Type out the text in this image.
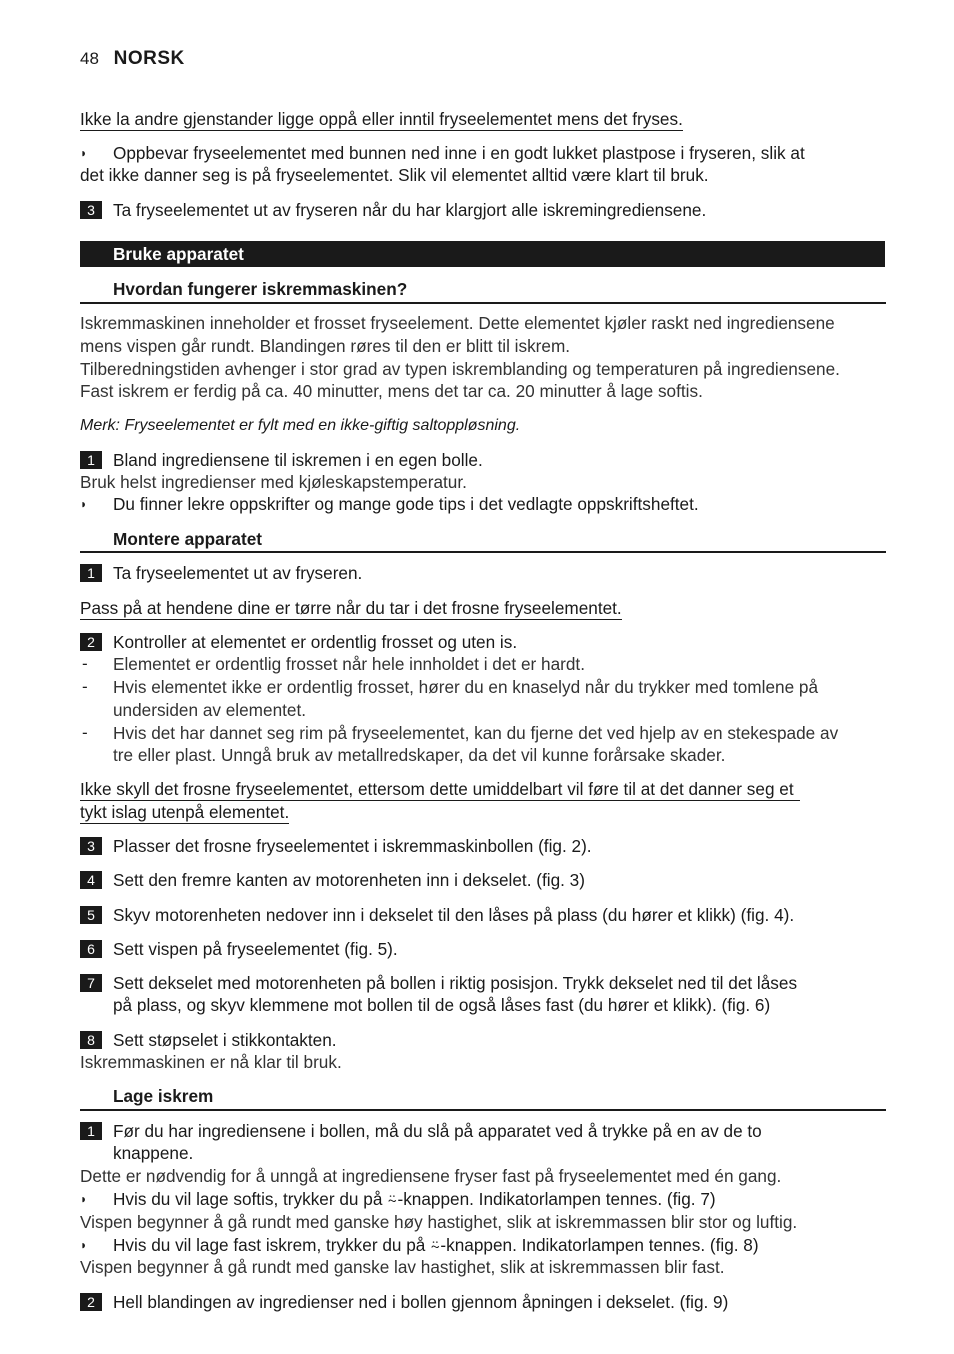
48 NORSK
Ikke la andre gjenstander ligge oppå eller inntil fryseelementet mens det fryses.
◗ Oppbevar fryseelementet med bunnen ned inne i en godt lukket plastpose i fryseren, slik at
det ikke danner seg is på fryseelementet. Slik vil elementet alltid være klart til bruk.
3	Ta fryseelementet ut av fryseren når du har klargjort alle iskremingrediensene.
Bruke apparatet
Hvordan fungerer iskremmaskinen?
Iskremmaskinen inneholder et frosset fryseelement. Dette elementet kjøler raskt ned ingrediensene
mens vispen går rundt. Blandingen røres til den er blitt til iskrem.
Tilberedningstiden avhenger i stor grad av typen iskremblanding og temperaturen på ingrediensene.
Fast iskrem er ferdig på ca. 40 minutter, mens det tar ca. 20 minutter å lage softis.
Merk: Fryseelementet er fylt med en ikke-giftig saltoppløsning.
1	Bland ingrediensene til iskremen i en egen bolle.
Bruk helst ingredienser med kjøleskapstemperatur.
◗ Du finner lekre oppskrifter og mange gode tips i det vedlagte oppskriftsheftet.
Montere apparatet
1	Ta fryseelementet ut av fryseren.
Pass på at hendene dine er tørre når du tar i det frosne fryseelementet.
2	Kontroller at elementet er ordentlig frosset og uten is.
- Elementet er ordentlig frosset når hele innholdet i det er hardt.
- Hvis elementet ikke er ordentlig frosset, hører du en knaselyd når du trykker med tomlene på
undersiden av elementet.
- Hvis det har dannet seg rim på fryseelementet, kan du fjerne det ved hjelp av en stekespade av
tre eller plast. Unngå bruk av metallredskaper, da det vil kunne forårsake skader.
Ikke skyll det frosne fryseelementet, ettersom dette umiddelbart vil føre til at det danner seg et
tykt islag utenpå elementet.
3	Plasser det frosne fryseelementet i iskremmaskinbollen (fig. 2).
4	Sett den fremre kanten av motorenheten inn i dekselet. (fig. 3)
5	Skyv motorenheten nedover inn i dekselet til den låses på plass (du hører et klikk) (fig. 4).
6	Sett vispen på fryseelementet (fig. 5).
7	Sett dekselet med motorenheten på bollen i riktig posisjon. Trykk dekselet ned til det låses
på plass, og skyv klemmene mot bollen til de også låses fast (du hører et klikk). (fig. 6)
8	Sett støpselet i stikkontakten.
Iskremmaskinen er nå klar til bruk.
Lage iskrem
1	Før du har ingrediensene i bollen, må du slå på apparatet ved å trykke på en av de to
knappene.
Dette er nødvendig for å unngå at ingrediensene fryser fast på fryseelementet med én gang.
◗ Hvis du vil lage softis, trykker du på ⍨-knappen. Indikatorlampen tennes. (fig. 7)
Vispen begynner å gå rundt med ganske høy hastighet, slik at iskremmassen blir stor og luftig.
◗ Hvis du vil lage fast iskrem, trykker du på ⍨-knappen. Indikatorlampen tennes. (fig. 8)
Vispen begynner å gå rundt med ganske lav hastighet, slik at iskremmassen blir fast.
2	Hell blandingen av ingredienser ned i bollen gjennom åpningen i dekselet. (fig. 9)
